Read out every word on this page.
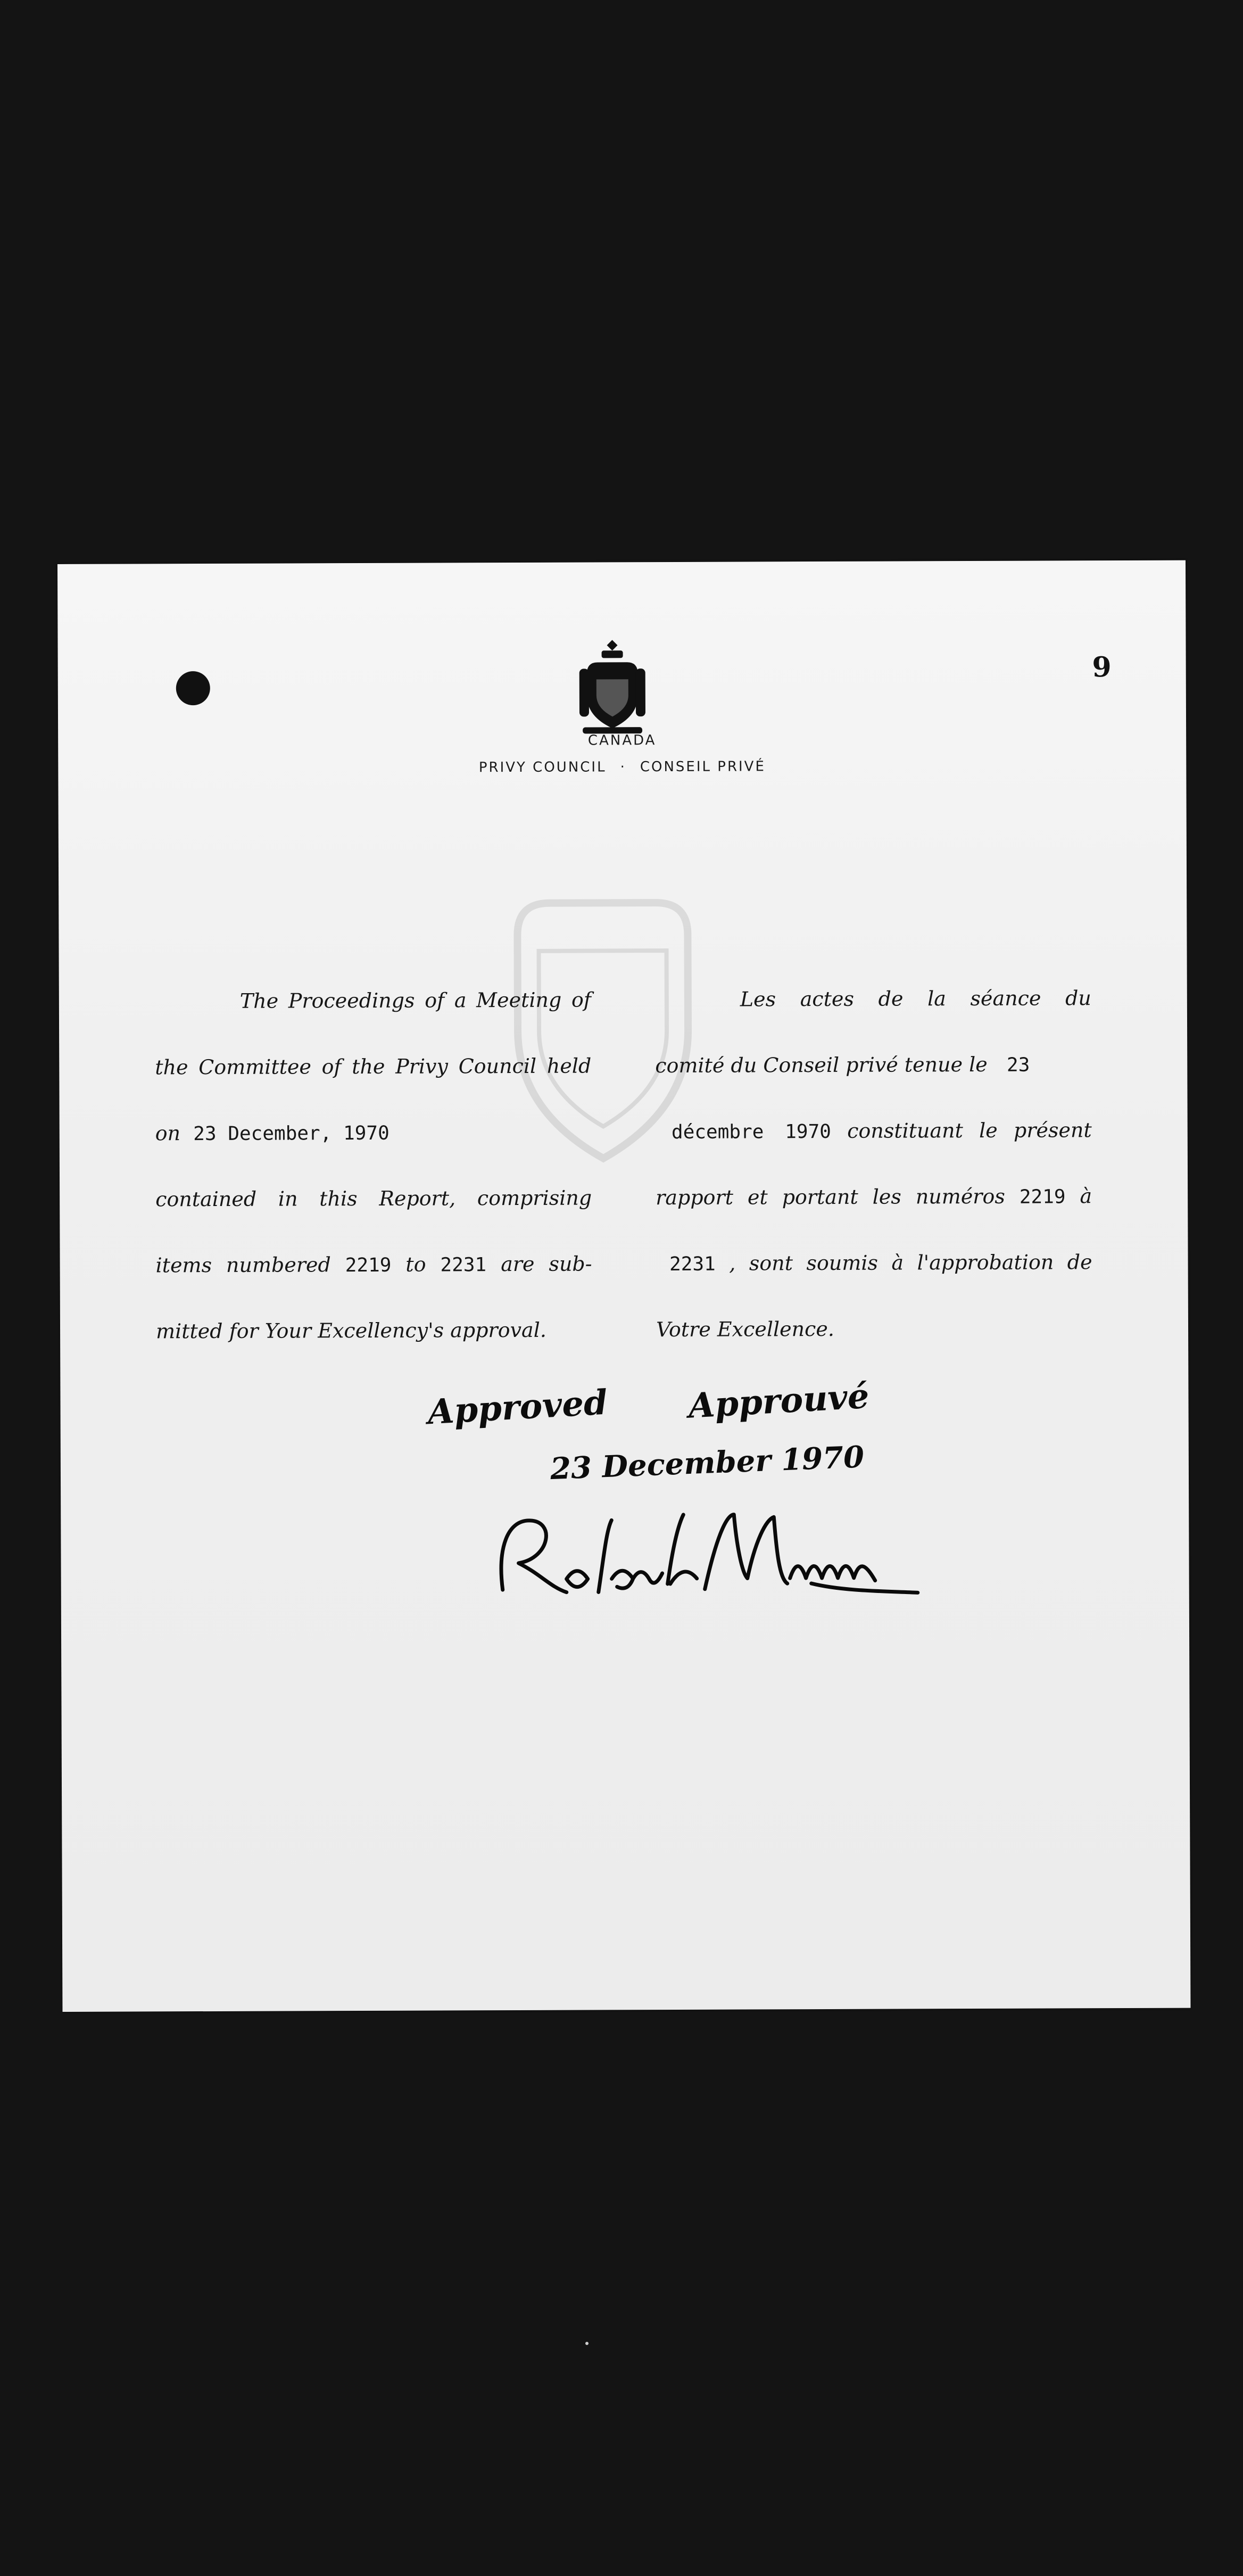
9
CANADA
PRIVY COUNCIL · CONSEIL PRIVÉ
The Proceedings of a Meeting of
the Committee of the Privy Council held
on 23 December, 1970
contained in this Report, comprising
items numbered 2219 to 2231 are sub-
mitted for Your Excellency's approval.
Les actes de la séance du
comité du Conseil privé tenue le 23
décembre 1970 constituant le présent
rapport et portant les numéros 2219 à
2231 , sont soumis à l'approbation de
Votre Excellence.
Approved Approuvé
23 December 1970
